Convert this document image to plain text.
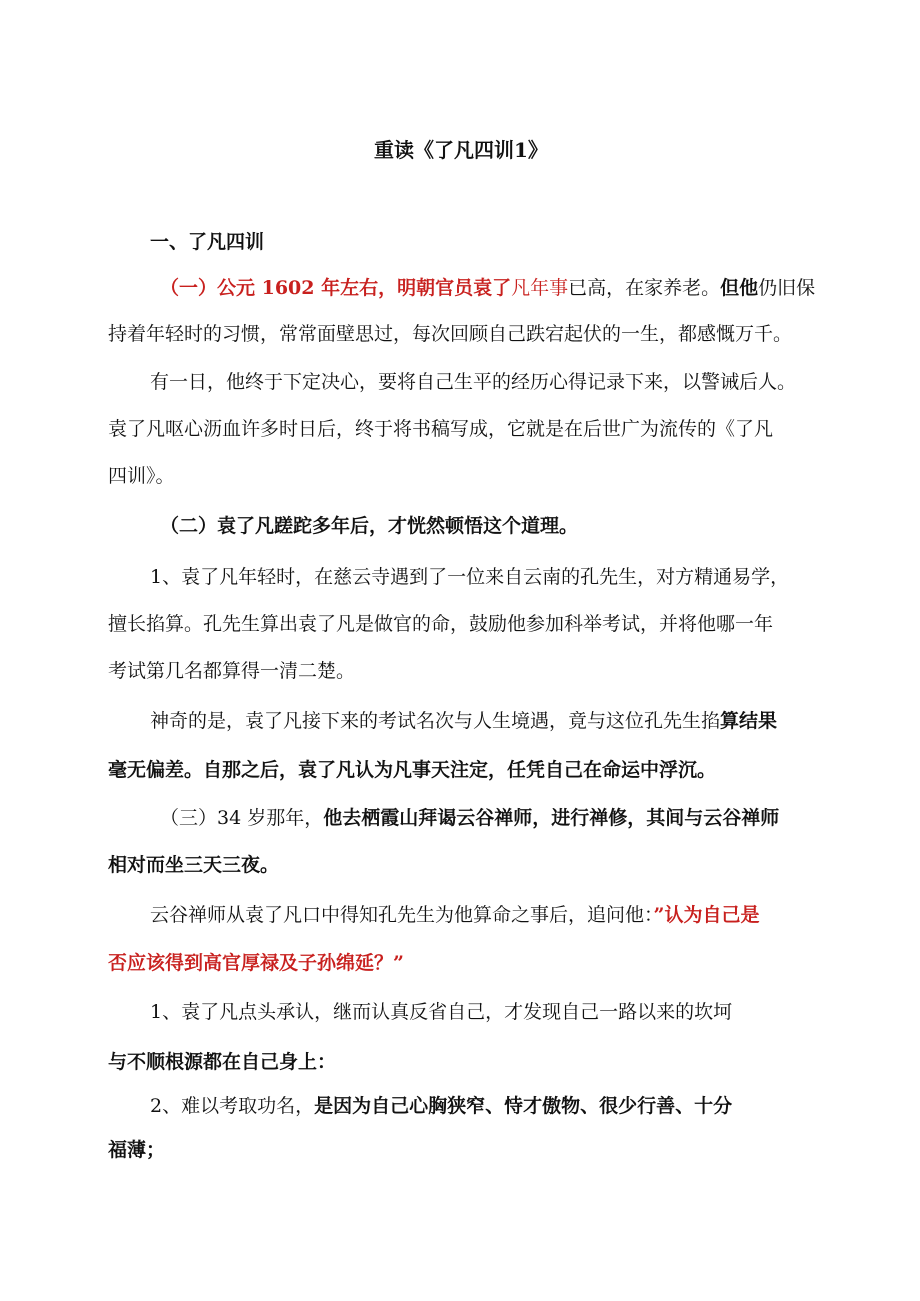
重读《了凡四训1》
一、了凡四训
（一）公元 1602 年左右，明朝官员袁了凡年事已高，在家养老。但他仍旧保
持着年轻时的习惯，常常面壁思过，每次回顾自己跌宕起伏的一生，都感慨万千。
有一日，他终于下定决心，要将自己生平的经历心得记录下来，以警诫后人。
袁了凡呕心沥血许多时日后，终于将书稿写成，它就是在后世广为流传的《了凡
四训》。
（二）袁了凡蹉跎多年后，才恍然顿悟这个道理。
1、袁了凡年轻时，在慈云寺遇到了一位来自云南的孔先生，对方精通易学，
擅长掐算。孔先生算出袁了凡是做官的命，鼓励他参加科举考试，并将他哪一年
考试第几名都算得一清二楚。
神奇的是，袁了凡接下来的考试名次与人生境遇，竟与这位孔先生掐算结果
毫无偏差。自那之后，袁了凡认为凡事天注定，任凭自己在命运中浮沉。
（三）34 岁那年，他去栖霞山拜谒云谷禅师，进行禅修，其间与云谷禅师
相对而坐三天三夜。
云谷禅师从袁了凡口中得知孔先生为他算命之事后，追问他：”认为自己是
否应该得到高官厚禄及子孙绵延？”
1、袁了凡点头承认，继而认真反省自己，才发现自己一路以来的坎坷
与不顺根源都在自己身上：
2、难以考取功名，是因为自己心胸狭窄、恃才傲物、很少行善、十分
福薄；
